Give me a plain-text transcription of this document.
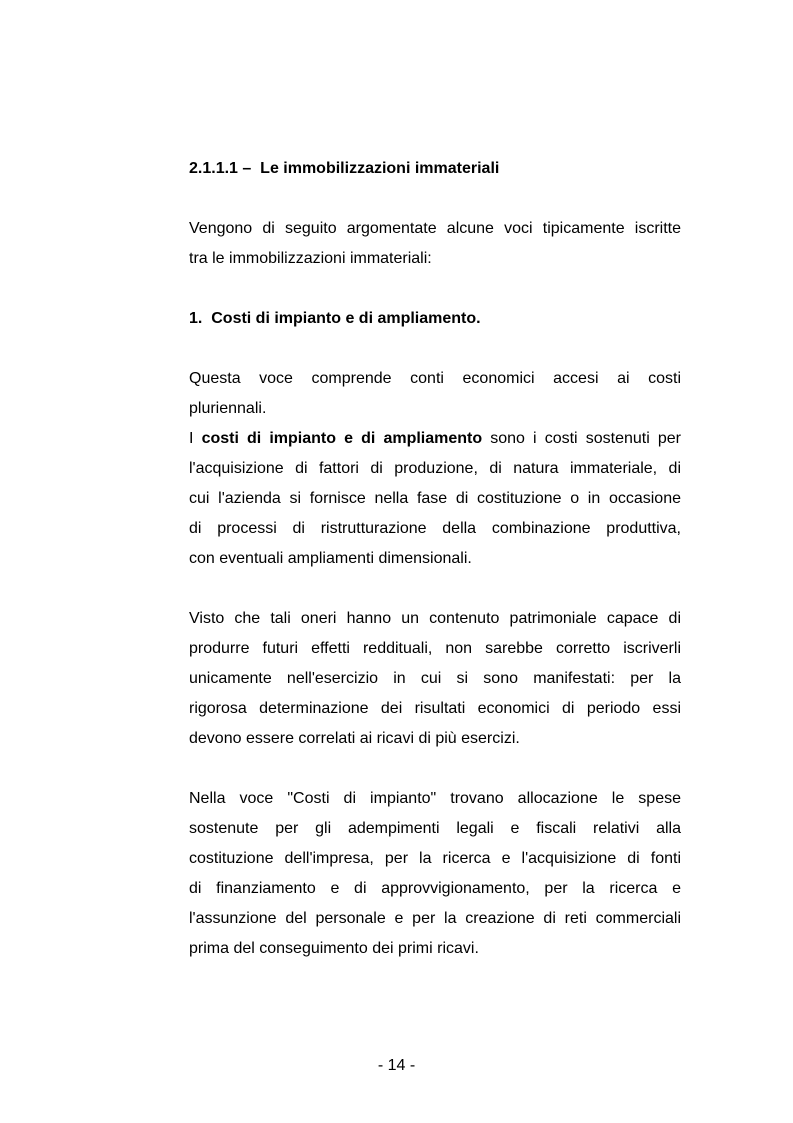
2.1.1.1 –  Le immobilizzazioni immateriali

Vengono di seguito argomentate alcune voci tipicamente iscritte
tra le immobilizzazioni immateriali:

1.  Costi di impianto e di ampliamento.

Questa voce comprende conti economici accesi ai costi
pluriennali.

I costi di impianto e di ampliamento sono i costi sostenuti per
l'acquisizione di fattori di produzione, di natura immateriale, di
cui l'azienda si fornisce nella fase di costituzione o in occasione
di processi di ristrutturazione della combinazione produttiva,
con eventuali ampliamenti dimensionali.

Visto che tali oneri hanno un contenuto patrimoniale capace di
produrre futuri effetti reddituali, non sarebbe corretto iscriverli
unicamente nell'esercizio in cui si sono manifestati: per la
rigorosa determinazione dei risultati economici di periodo essi
devono essere correlati ai ricavi di più esercizi.

Nella voce "Costi di impianto" trovano allocazione le spese
sostenute per gli adempimenti legali e fiscali relativi alla
costituzione dell'impresa, per la ricerca e l'acquisizione di fonti
di finanziamento e di approvvigionamento, per la ricerca e
l'assunzione del personale e per la creazione di reti commerciali
prima del conseguimento dei primi ricavi.

- 14 -
